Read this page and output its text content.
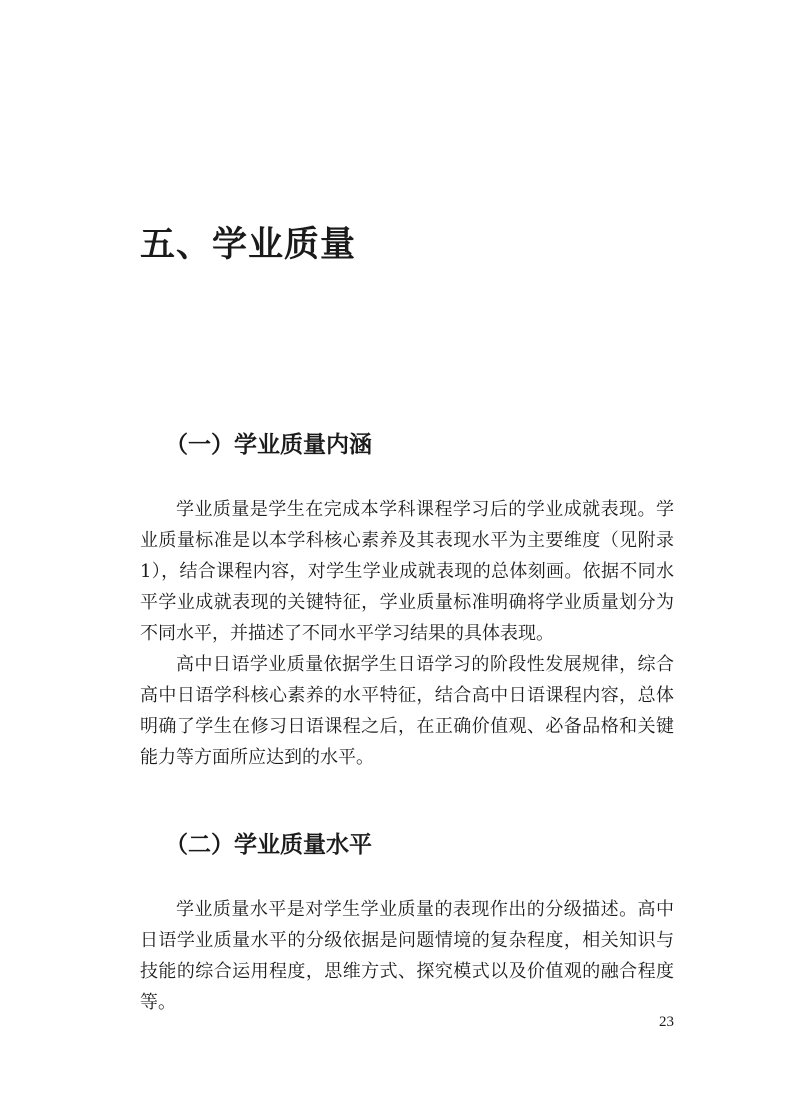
五、学业质量
（一）学业质量内涵

学业质量是学生在完成本学科课程学习后的学业成就表现。学业质量标准是以本学科核心素养及其表现水平为主要维度（见附录1），结合课程内容，对学生学业成就表现的总体刻画。依据不同水平学业成就表现的关键特征，学业质量标准明确将学业质量划分为不同水平，并描述了不同水平学习结果的具体表现。

高中日语学业质量依据学生日语学习的阶段性发展规律，综合高中日语学科核心素养的水平特征，结合高中日语课程内容，总体明确了学生在修习日语课程之后，在正确价值观、必备品格和关键能力等方面所应达到的水平。

（二）学业质量水平

学业质量水平是对学生学业质量的表现作出的分级描述。高中日语学业质量水平的分级依据是问题情境的复杂程度，相关知识与技能的综合运用程度，思维方式、探究模式以及价值观的融合程度等。

23
